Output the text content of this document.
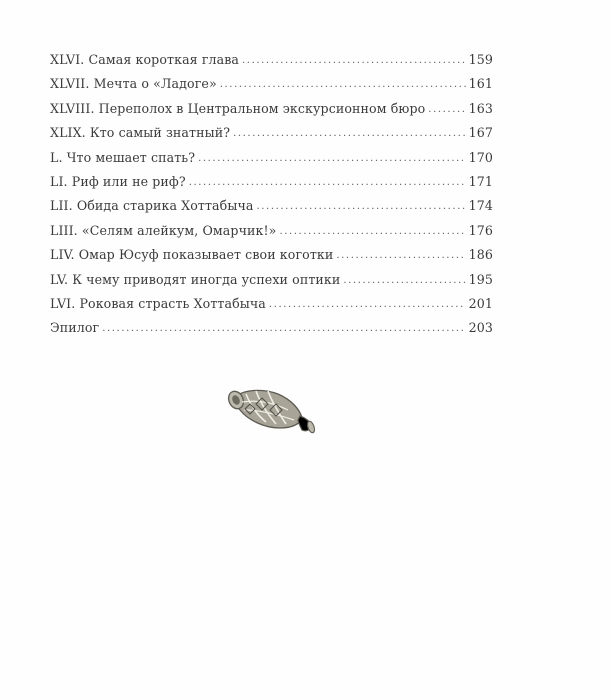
XLVI. Самая короткая глава .....	159
XLVII. Мечта о «Ладоге» .....	161
XLVIII. Переполох в Центральном экскурсионном бюро .....	163
XLIX. Кто самый знатный? .....	167
L. Что мешает спать? .....	170
LI. Риф или не риф? .....	171
LII. Обида старика Хоттабыча .....	174
LIII. «Селям алейкум, Омарчик!» .....	176
LIV. Омар Юсуф показывает свои коготки .....	186
LV. К чему приводят иногда успехи оптики .....	195
LVI. Роковая страсть Хоттабыча .....	201
Эпилог .....	203
